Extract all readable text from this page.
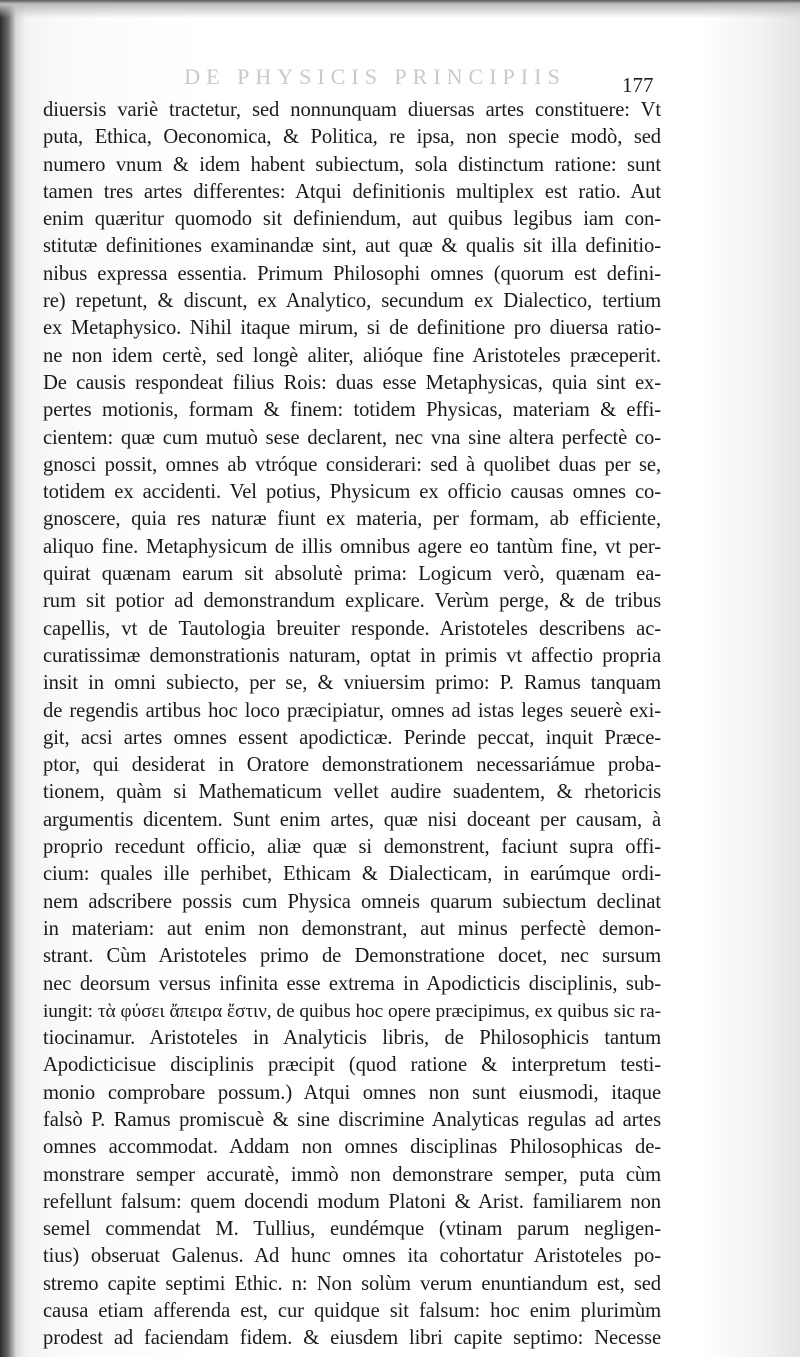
DE PHYSICIS PRINCIPIIS	177
diuersis variè tractetur, sed nonnunquam diuersas artes constituere: Vt
puta, Ethica, Oeconomica, & Politica, re ipsa, non specie modò, sed
numero vnum & idem habent subiectum, sola distinctum ratione: sunt
tamen tres artes differentes: Atqui definitionis multiplex est ratio. Aut
enim quæritur quomodo sit definiendum, aut quibus legibus iam con-
stitutæ definitiones examinandæ sint, aut quæ & qualis sit illa definitio-
nibus expressa essentia. Primum Philosophi omnes (quorum est defini-
re) repetunt, & discunt, ex Analytico, secundum ex Dialectico, tertium
ex Metaphysico. Nihil itaque mirum, si de definitione pro diuersa ratio-
ne non idem certè, sed longè aliter, alióque fine Aristoteles præceperit.
De causis respondeat filius Rois: duas esse Metaphysicas, quia sint ex-
pertes motionis, formam & finem: totidem Physicas, materiam & effi-
cientem: quæ cum mutuò sese declarent, nec vna sine altera perfectè co-
gnosci possit, omnes ab vtróque considerari: sed à quolibet duas per se,
totidem ex accidenti. Vel potius, Physicum ex officio causas omnes co-
gnoscere, quia res naturæ fiunt ex materia, per formam, ab efficiente,
aliquo fine. Metaphysicum de illis omnibus agere eo tantùm fine, vt per-
quirat quænam earum sit absolutè prima: Logicum verò, quænam ea-
rum sit potior ad demonstrandum explicare. Verùm perge, & de tribus
capellis, vt de Tautologia breuiter responde. Aristoteles describens ac-
curatissimæ demonstrationis naturam, optat in primis vt affectio propria
insit in omni subiecto, per se, & vniuersim primo: P. Ramus tanquam
de regendis artibus hoc loco præcipiatur, omnes ad istas leges seuerè exi-
git, acsi artes omnes essent apodicticæ. Perinde peccat, inquit Præce-
ptor, qui desiderat in Oratore demonstrationem necessariámue proba-
tionem, quàm si Mathematicum vellet audire suadentem, & rhetoricis
argumentis dicentem. Sunt enim artes, quæ nisi doceant per causam, à
proprio recedunt officio, aliæ quæ si demonstrent, faciunt supra offi-
cium: quales ille perhibet, Ethicam & Dialecticam, in earúmque ordi-
nem adscribere possis cum Physica omneis quarum subiectum declinat
in materiam: aut enim non demonstrant, aut minus perfectè demon-
strant. Cùm Aristoteles primo de Demonstratione docet, nec sursum
nec deorsum versus infinita esse extrema in Apodicticis disciplinis, sub-
iungit: τὰ φύσει ἄπειρα ἔστιν, de quibus hoc opere præcipimus, ex quibus sic ra-
tiocinamur. Aristoteles in Analyticis libris, de Philosophicis tantum
Apodicticisue disciplinis præcipit (quod ratione & interpretum testi-
monio comprobare possum.) Atqui omnes non sunt eiusmodi, itaque
falsò P. Ramus promiscuè & sine discrimine Analyticas regulas ad artes
omnes accommodat. Addam non omnes disciplinas Philosophicas de-
monstrare semper accuratè, immò non demonstrare semper, puta cùm
refellunt falsum: quem docendi modum Platoni & Arist. familiarem non
semel commendat M. Tullius, eundémque (vtinam parum negligen-
tius) obseruat Galenus. Ad hunc omnes ita cohortatur Aristoteles po-
stremo capite septimi Ethic. n: Non solùm verum enuntiandum est, sed
causa etiam afferenda est, cur quidque sit falsum: hoc enim plurimùm
prodest ad faciendam fidem. & eiusdem libri capite septimo: Necesse
